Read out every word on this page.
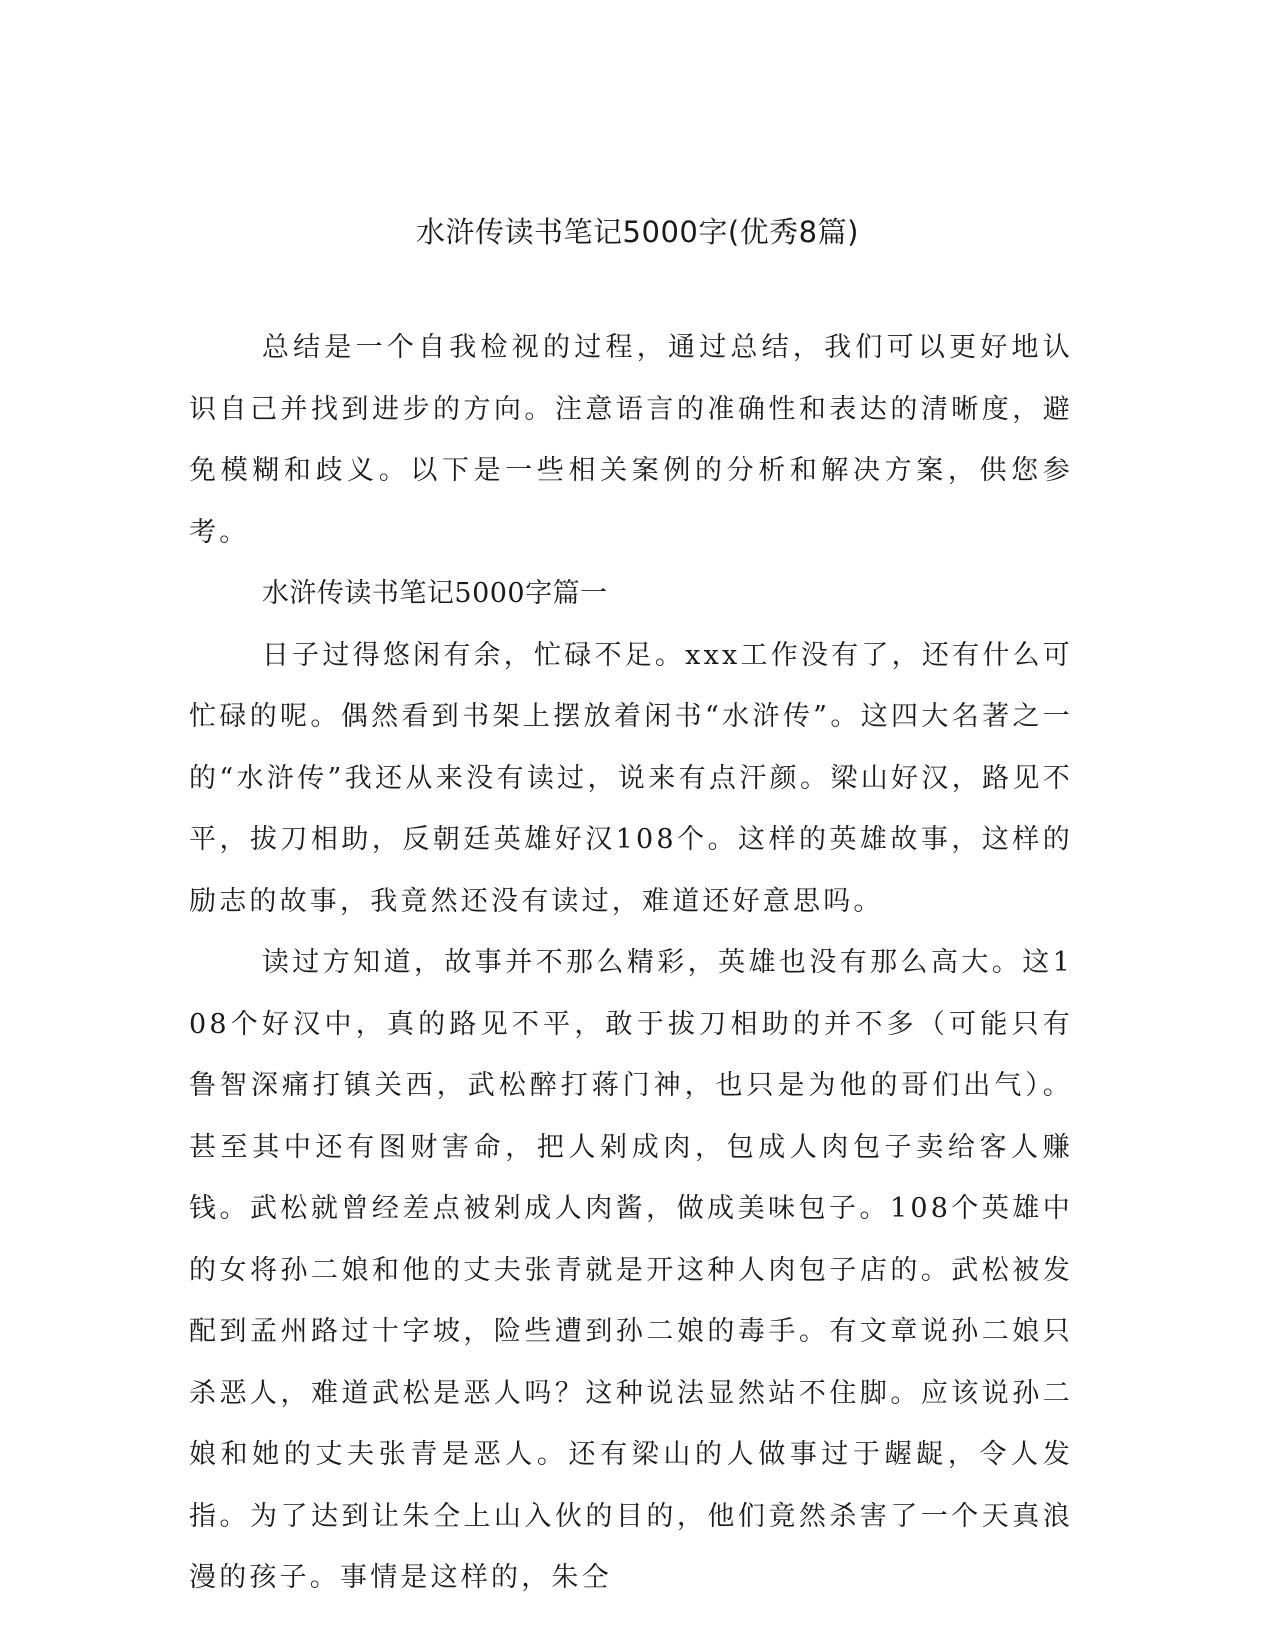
水浒传读书笔记5000字(优秀8篇)

总结是一个自我检视的过程，通过总结，我们可以更好地认识自己并找到进步的方向。注意语言的准确性和表达的清晰度，避免模糊和歧义。以下是一些相关案例的分析和解决方案，供您参考。

水浒传读书笔记5000字篇一

日子过得悠闲有余，忙碌不足。xxx工作没有了，还有什么可忙碌的呢。偶然看到书架上摆放着闲书“水浒传”。这四大名著之一的“水浒传”我还从来没有读过，说来有点汗颜。梁山好汉，路见不平，拔刀相助，反朝廷英雄好汉108个。这样的英雄故事，这样的励志的故事，我竟然还没有读过，难道还好意思吗。

读过方知道，故事并不那么精彩，英雄也没有那么高大。这108个好汉中，真的路见不平，敢于拔刀相助的并不多（可能只有鲁智深痛打镇关西，武松醉打蒋门神，也只是为他的哥们出气）。甚至其中还有图财害命，把人剁成肉，包成人肉包子卖给客人赚钱。武松就曾经差点被剁成人肉酱，做成美味包子。108个英雄中的女将孙二娘和他的丈夫张青就是开这种人肉包子店的。武松被发配到孟州路过十字坡，险些遭到孙二娘的毒手。有文章说孙二娘只杀恶人，难道武松是恶人吗？这种说法显然站不住脚。应该说孙二娘和她的丈夫张青是恶人。还有梁山的人做事过于龌龊，令人发指。为了达到让朱仝上山入伙的目的，他们竟然杀害了一个天真浪漫的孩子。事情是这样的，朱仝
